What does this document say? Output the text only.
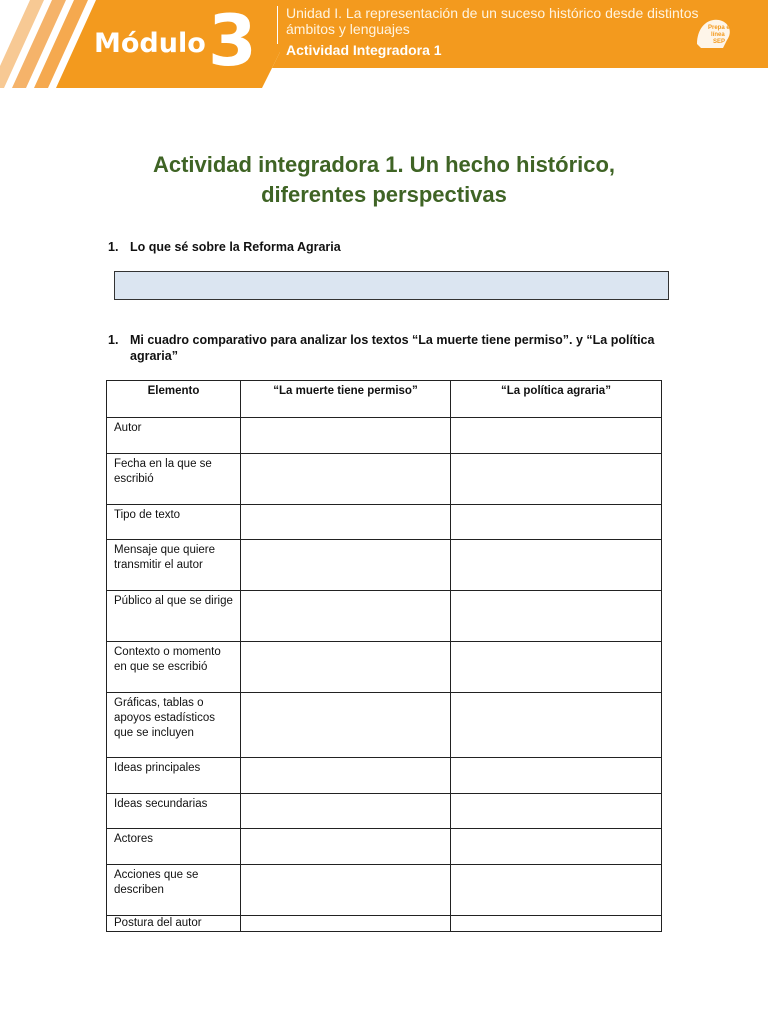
Módulo 3 Unidad I. La representación de un suceso histórico desde distintos ámbitos y lenguajes
Actividad Integradora 1
Prepa en
línea
SEP
Actividad integradora 1. Un hecho histórico, diferentes perspectivas
1. Lo que sé sobre la Reforma Agraria
1. Mi cuadro comparativo para analizar los textos “La muerte tiene permiso”. y “La política agraria”
Elemento	“La muerte tiene permiso”	“La política agraria”
Autor		
Fecha en la que se escribió		
Tipo de texto		
Mensaje que quiere transmitir el autor		
Público al que se dirige		
Contexto o momento en que se escribió		
Gráficas, tablas o apoyos estadísticos que se incluyen		
Ideas principales		
Ideas secundarias		
Actores		
Acciones que se describen		
Postura del autor		
